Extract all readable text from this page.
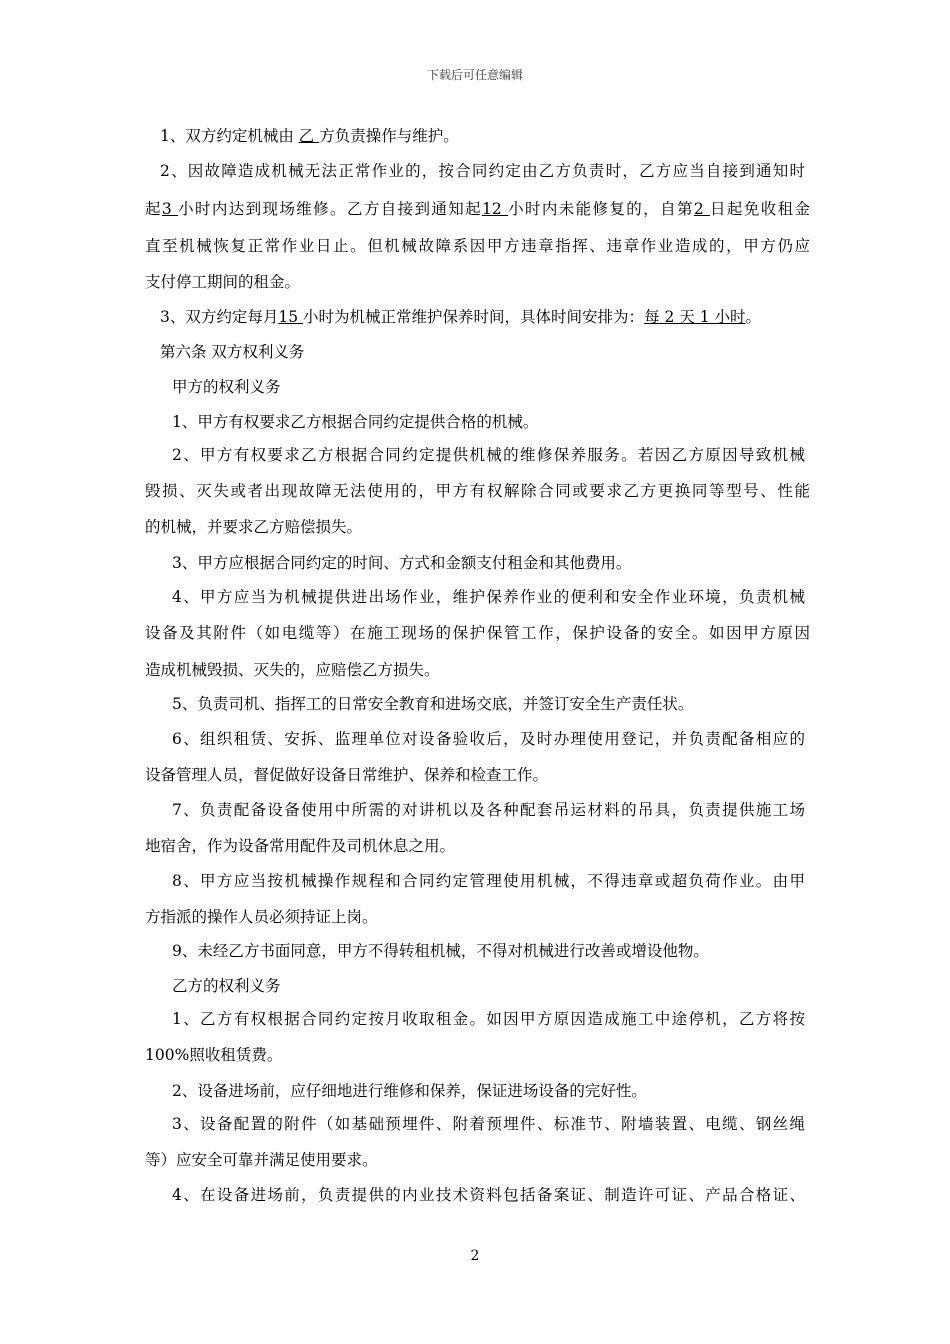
下载后可任意编辑
1、双方约定机械由 乙 方负责操作与维护。
2、因故障造成机械无法正常作业的，按合同约定由乙方负责时，乙方应当自接到通知时
起3 小时内达到现场维修。乙方自接到通知起12 小时内未能修复的，自第2 日起免收租金
直至机械恢复正常作业日止。但机械故障系因甲方违章指挥、违章作业造成的，甲方仍应
支付停工期间的租金。
3、双方约定每月15 小时为机械正常维护保养时间，具体时间安排为：每 2 天 1 小时。
第六条 双方权利义务
甲方的权利义务
1、甲方有权要求乙方根据合同约定提供合格的机械。
2、甲方有权要求乙方根据合同约定提供机械的维修保养服务。若因乙方原因导致机械
毁损、灭失或者出现故障无法使用的，甲方有权解除合同或要求乙方更换同等型号、性能
的机械，并要求乙方赔偿损失。
3、甲方应根据合同约定的时间、方式和金额支付租金和其他费用。
4、甲方应当为机械提供进出场作业，维护保养作业的便利和安全作业环境，负责机械
设备及其附件（如电缆等）在施工现场的保护保管工作，保护设备的安全。如因甲方原因
造成机械毁损、灭失的，应赔偿乙方损失。
5、负责司机、指挥工的日常安全教育和进场交底，并签订安全生产责任状。
6、组织租赁、安拆、监理单位对设备验收后，及时办理使用登记，并负责配备相应的
设备管理人员，督促做好设备日常维护、保养和检查工作。
7、负责配备设备使用中所需的对讲机以及各种配套吊运材料的吊具，负责提供施工场
地宿舍，作为设备常用配件及司机休息之用。
8、甲方应当按机械操作规程和合同约定管理使用机械，不得违章或超负荷作业。由甲
方指派的操作人员必须持证上岗。
9、未经乙方书面同意，甲方不得转租机械，不得对机械进行改善或增设他物。
乙方的权利义务
1、乙方有权根据合同约定按月收取租金。如因甲方原因造成施工中途停机，乙方将按
100%照收租赁费。
2、设备进场前，应仔细地进行维修和保养，保证进场设备的完好性。
3、设备配置的附件（如基础预埋件、附着预埋件、标准节、附墙装置、电缆、钢丝绳
等）应安全可靠并满足使用要求。
4、在设备进场前，负责提供的内业技术资料包括备案证、制造许可证、产品合格证、
2
